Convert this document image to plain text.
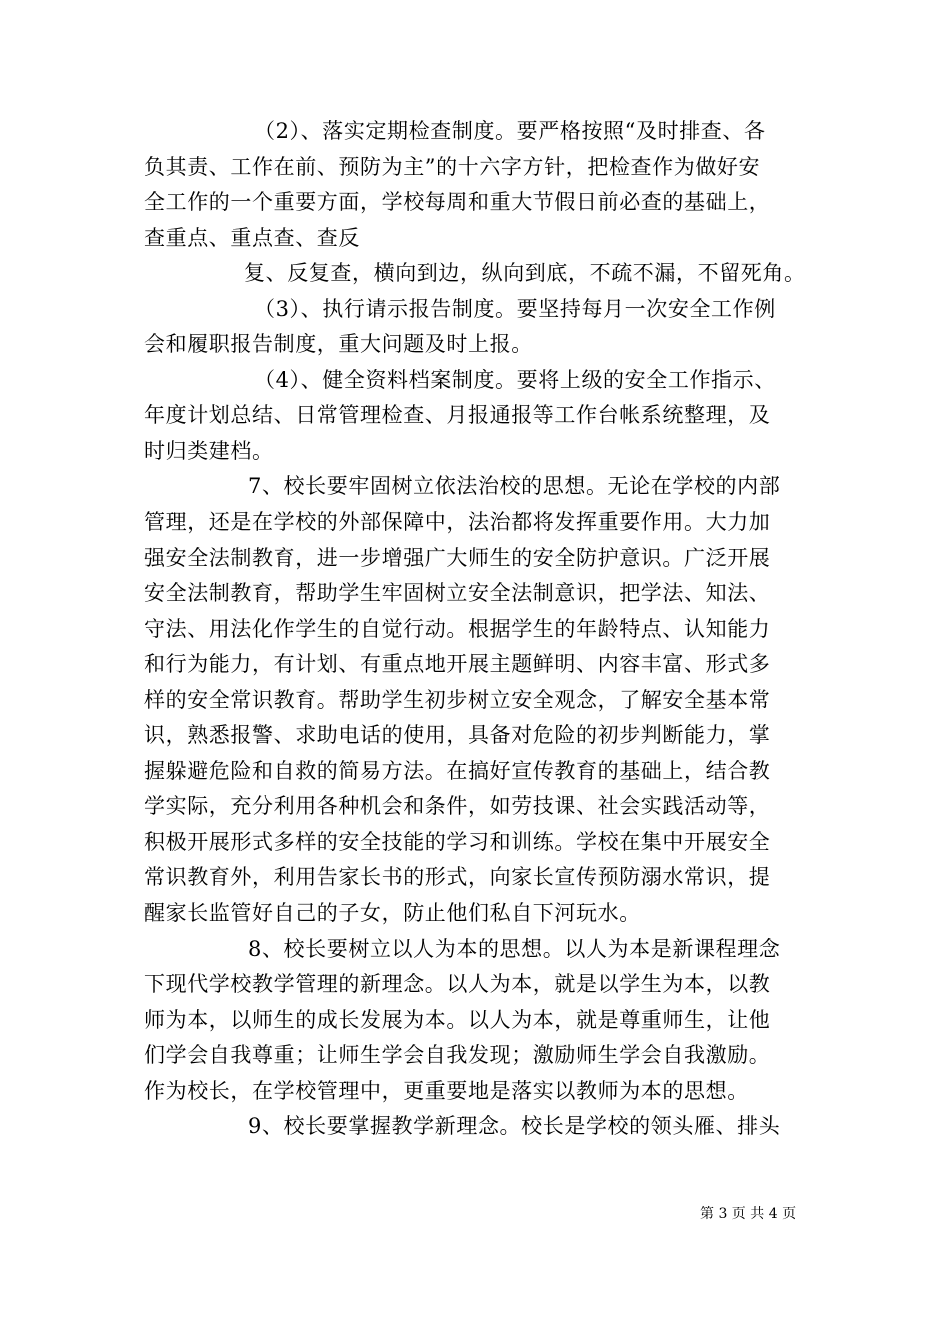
（2）、落实定期检查制度。要严格按照“及时排查、各
负其责、工作在前、预防为主”的十六字方针，把检查作为做好安
全工作的一个重要方面，学校每周和重大节假日前必查的基础上，
查重点、重点查、查反
复、反复查，横向到边，纵向到底，不疏不漏，不留死角。
（3）、执行请示报告制度。要坚持每月一次安全工作例
会和履职报告制度，重大问题及时上报。
（4）、健全资料档案制度。要将上级的安全工作指示、
年度计划总结、日常管理检查、月报通报等工作台帐系统整理，及
时归类建档。
7、校长要牢固树立依法治校的思想。无论在学校的内部
管理，还是在学校的外部保障中，法治都将发挥重要作用。大力加
强安全法制教育，进一步增强广大师生的安全防护意识。广泛开展
安全法制教育，帮助学生牢固树立安全法制意识，把学法、知法、
守法、用法化作学生的自觉行动。根据学生的年龄特点、认知能力
和行为能力，有计划、有重点地开展主题鲜明、内容丰富、形式多
样的安全常识教育。帮助学生初步树立安全观念，了解安全基本常
识，熟悉报警、求助电话的使用，具备对危险的初步判断能力，掌
握躲避危险和自救的简易方法。在搞好宣传教育的基础上，结合教
学实际，充分利用各种机会和条件，如劳技课、社会实践活动等，
积极开展形式多样的安全技能的学习和训练。学校在集中开展安全
常识教育外，利用告家长书的形式，向家长宣传预防溺水常识，提
醒家长监管好自己的子女，防止他们私自下河玩水。
8、校长要树立以人为本的思想。以人为本是新课程理念
下现代学校教学管理的新理念。以人为本，就是以学生为本，以教
师为本，以师生的成长发展为本。以人为本，就是尊重师生，让他
们学会自我尊重；让师生学会自我发现；激励师生学会自我激励。
作为校长，在学校管理中，更重要地是落实以教师为本的思想。
9、校长要掌握教学新理念。校长是学校的领头雁、排头
第 3 页 共 4 页
